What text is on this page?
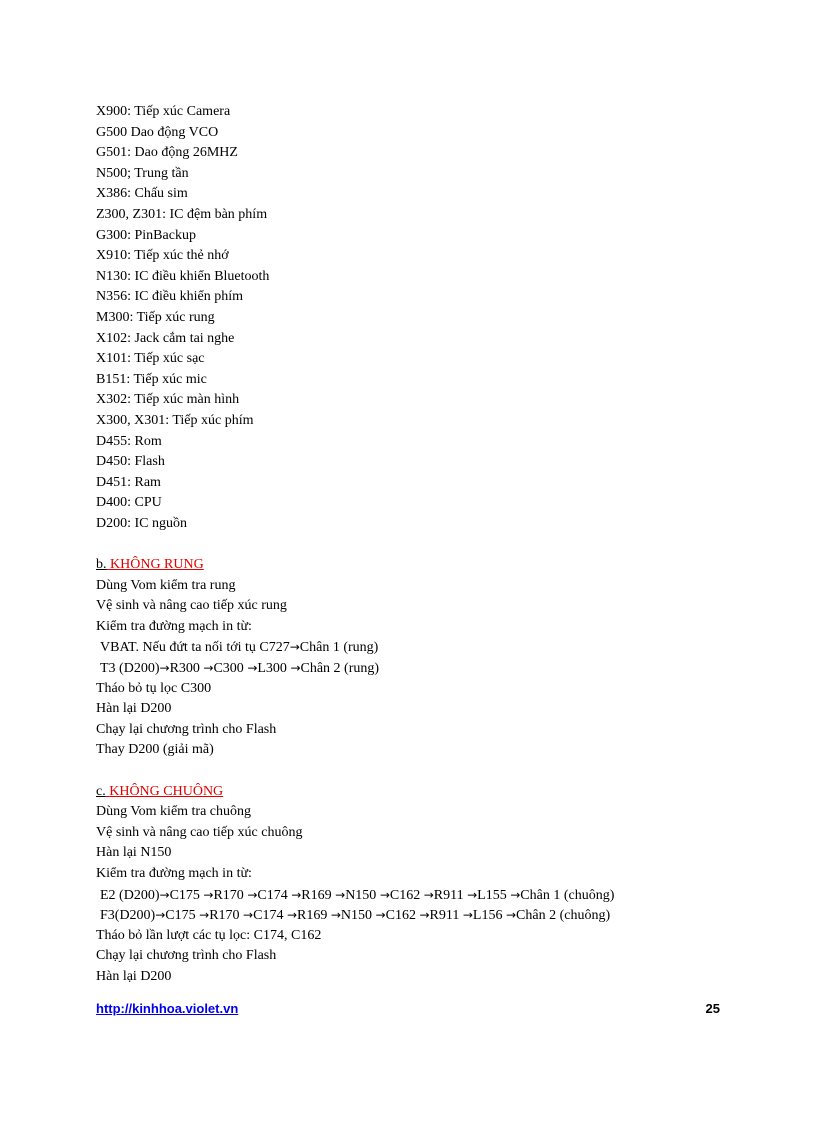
X900: Tiếp xúc Camera
G500 Dao động VCO
G501: Dao động 26MHZ
N500; Trung tần
X386: Chấu sim
Z300, Z301: IC đệm bàn phím
G300: PinBackup
X910: Tiếp xúc thẻ nhớ
N130: IC điều khiển Bluetooth
N356: IC điều khiển phím
M300: Tiếp xúc rung
X102: Jack cắm tai nghe
X101: Tiếp xúc sạc
B151: Tiếp xúc mic
X302: Tiếp xúc màn hình
X300, X301: Tiếp xúc phím
D455: Rom
D450: Flash
D451: Ram
D400: CPU
D200: IC nguồn
b. KHÔNG RUNG
Dùng Vom kiểm tra rung
Vệ sinh và nâng cao tiếp xúc rung
Kiểm tra đường mạch in từ:
VBAT. Nếu đứt ta nối tới tụ C727→Chân 1 (rung)
T3 (D200)→R300 →C300 →L300 →Chân 2 (rung)
Tháo bỏ tụ lọc C300
Hàn lại D200
Chạy lại chương trình cho Flash
Thay D200 (giải mã)
c. KHÔNG CHUÔNG
Dùng Vom kiểm tra chuông
Vệ sinh và nâng cao tiếp xúc chuông
Hàn lại N150
Kiểm tra đường mạch in từ:
E2 (D200)→C175 →R170 →C174 →R169 →N150 →C162 →R911 →L155 →Chân 1 (chuông)
F3(D200)→C175 →R170 →C174 →R169 →N150 →C162 →R911 →L156 →Chân 2 (chuông)
Tháo bỏ lần lượt các tụ lọc: C174, C162
Chạy lại chương trình cho Flash
Hàn lại D200
http://kinhhoa.violet.vn	25
